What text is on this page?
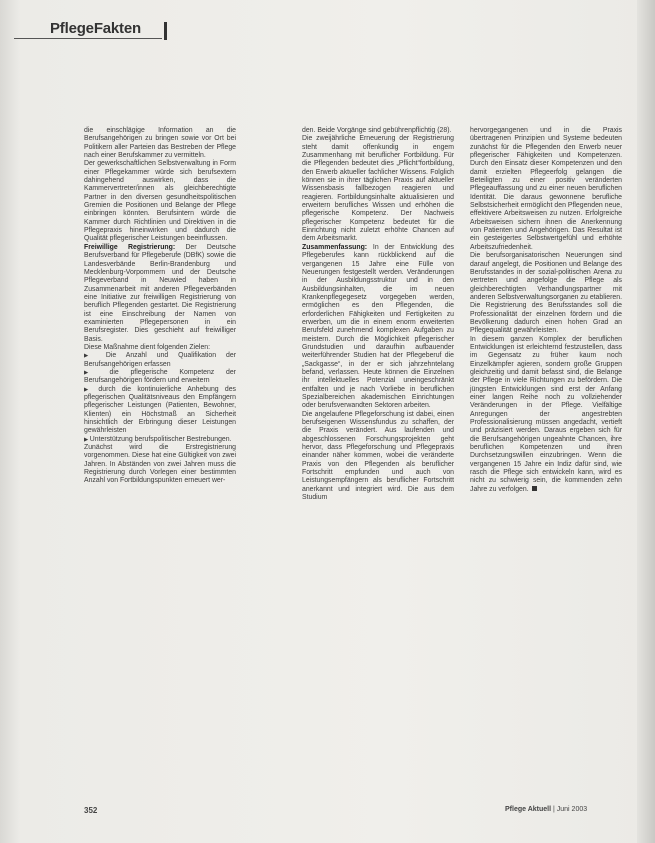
PflegeFakten

die einschlägige Information an die Berufsangehörigen zu bringen sowie vor Ort bei Politikern aller Parteien das Bestreben der Pflege nach einer Berufskammer zu vermitteln.

Der gewerkschaftlichen Selbstverwaltung in Form einer Pflegekammer würde sich berufsextern dahingehend auswirken, dass die Kammervertreter/innen als gleichberechtigte Partner in den diversen gesundheitspolitischen Gremien die Positionen und Belange der Pflege einbringen könnten. Berufsintern würde die Kammer durch Richtlinien und Direktiven in die Pflegepraxis hineinwirken und dadurch die Qualität pflegerischer Leistungen beeinflussen.

Freiwillige Registrierung: Der Deutsche Berufsverband für Pflegeberufe (DBfK) sowie die Landesverbände Berlin-Brandenburg und Mecklenburg-Vorpommern und der Deutsche Pflegeverband in Neuwied haben in Zusammenarbeit mit anderen Pflegeverbänden eine Initiative zur freiwilligen Registrierung von beruflich Pflegenden gestartet. Die Registrierung ist eine Einschreibung der Namen von examinierten Pflegepersonen in ein Berufsregister. Dies geschieht auf freiwilliger Basis.

Diese Maßnahme dient folgenden Zielen:

▶ Die Anzahl und Qualifikation der Berufsangehörigen erfassen

▶ die pflegerische Kompetenz der Berufsangehörigen fördern und erweitern

▶ durch die kontinuierliche Anhebung des pflegerischen Qualitätsniveaus den Empfängern pflegerischer Leistungen (Patienten, Bewohner, Klienten) ein Höchstmaß an Sicherheit hinsichtlich der Erbringung dieser Leistungen gewährleisten

▶ Unterstützung berufspolitischer Bestrebungen.

Zunächst wird die Erstregistrierung vorgenommen. Diese hat eine Gültigkeit von zwei Jahren. In Abständen von zwei Jahren muss die Registrierung durch Vorlegen einer bestimmten Anzahl von Fortbildungspunkten erneuert wer-

den. Beide Vorgänge sind gebührenpflichtig (28).

Die zweijährliche Erneuerung der Registrierung steht damit offenkundig in engem Zusammenhang mit beruflicher Fortbildung. Für die Pflegenden bedeutet dies „Pflicht“fortbildung, den Erwerb aktueller fachlicher Wissens. Folglich können sie in ihrer täglichen Praxis auf aktueller Wissensbasis fallbezogen reagieren und reagieren. Fortbildungsinhalte aktualisieren und erweitern berufliches Wissen und erhöhen die pflegerische Kompetenz. Der Nachweis pflegerischer Kompetenz bedeutet für die Einrichtung nicht zuletzt erhöhte Chancen auf dem Arbeitsmarkt.

Zusammenfassung: In der Entwicklung des Pflegeberufes kann rückblickend auf die vergangenen 15 Jahre eine Fülle von Neuerungen festgestellt werden. Veränderungen in der Ausbildungsstruktur und in den Ausbildungsinhalten, die im neuen Krankenpflegegesetz vorgegeben werden, ermöglichen es den Pflegenden, die erforderlichen Fähigkeiten und Fertigkeiten zu erwerben, um die in einem enorm erweiterten Berufsfeld zunehmend komplexen Aufgaben zu meistern. Durch die Möglichkeit pflegerischer Grundstudien und daraufhin aufbauender weiterführender Studien hat der Pflegeberuf die „Sackgasse“, in der er sich jahrzehntelang befand, verlassen. Heute können die Einzelnen ihr intellektuelles Potenzial uneingeschränkt entfalten und je nach Vorliebe in beruflichen Spezialbereichen akademischen Einrichtungen oder berufsverwandten Sektoren arbeiten.

Die angelaufene Pflegeforschung ist dabei, einen berufseigenen Wissensfundus zu schaffen, der die Praxis verändert. Aus laufenden und abgeschlossenen Forschungsprojekten geht hervor, dass Pflegeforschung und Pflegepraxis einander näher kommen, wobei die veränderte Praxis von den Pflegenden als beruflicher Fortschritt empfunden und auch von Leistungsempfängern als beruflicher Fortschritt anerkannt und integriert wird. Die aus dem Studium

hervorgegangenen und in die Praxis übertragenen Prinzipien und Systeme bedeuten zunächst für die Pflegenden den Erwerb neuer pflegerischer Fähigkeiten und Kompetenzen. Durch den Einsatz dieser Kompetenzen und den damit erzielten Pflegeerfolg gelangen die Beteiligten zu einer positiv veränderten Pflegeauffassung und zu einer neuen beruflichen Identität. Die daraus gewonnene berufliche Selbstsicherheit ermöglicht den Pflegenden neue, effektivere Arbeitsweisen zu nutzen. Erfolgreiche Arbeitsweisen sichern ihnen die Anerkennung von Patienten und Angehörigen. Das Resultat ist ein gesteigertes Selbstwertgefühl und erhöhte Arbeitszufriedenheit.

Die berufsorganisatorischen Neuerungen sind darauf angelegt, die Positionen und Belange des Berufsstandes in der sozial-politischen Arena zu vertreten und angefolge die Pflege als gleichberechtigten Verhandlungspartner mit anderen Selbstverwaltungsorganen zu etablieren. Die Registrierung des Berufsstandes soll die Professionalität der einzelnen fördern und die Bevölkerung dadurch einen hohen Grad an Pflegequalität gewährleisten.

In diesem ganzen Komplex der beruflichen Entwicklungen ist erleichternd festzustellen, dass im Gegensatz zu früher kaum noch Einzelkämpfer agieren, sondern große Gruppen gleichzeitig und damit befasst sind, die Belange der Pflege in viele Richtungen zu befördern. Die jüngsten Entwicklungen sind erst der Anfang einer langen Reihe noch zu vollziehender Veränderungen in der Pflege. Vielfältige Anregungen der angestrebten Professionalisierung müssen angedacht, vertieft und präzisiert werden. Daraus ergeben sich für die Berufsangehörigen ungeahnte Chancen, ihre beruflichen Kompetenzen und ihren Durchsetzungswillen einzubringen. Wenn die vergangenen 15 Jahre ein Indiz dafür sind, wie rasch die Pflege sich entwickeln kann, wird es nicht zu schwierig sein, die kommenden zehn Jahre zu verfolgen.

352	Pflege Aktuell | Juni 2003
